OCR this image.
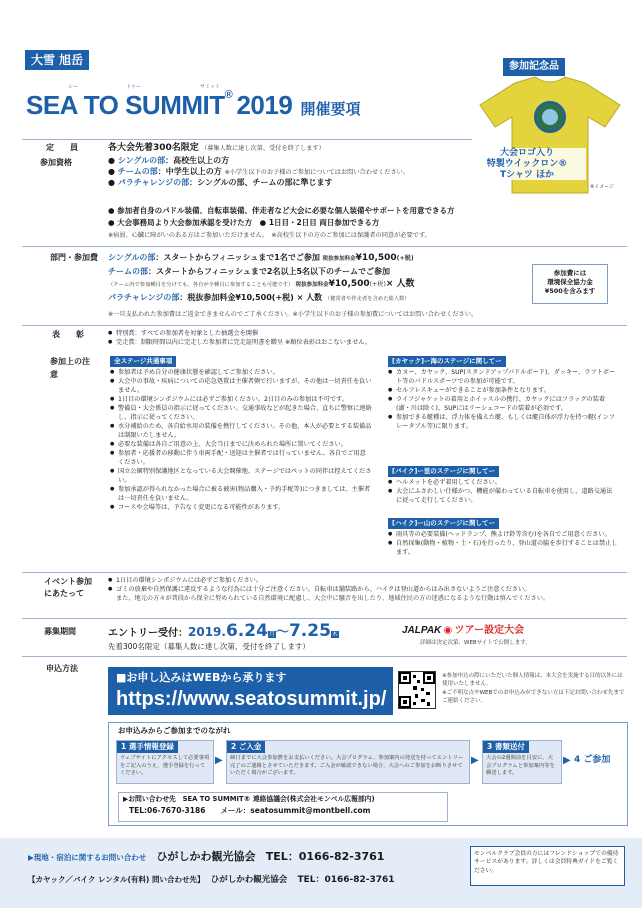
大雪 旭岳
シー	トゥー	サミット
SEA TO SUMMIT® 2019 開催要項
参加記念品
大会ロゴ入り
特製ウイックロン®
Tシャツ ほか
※イメージ
定　　員	各大会先着300名限定 （募集人数に達し次第、受付を終了します）
参加資格	● シングルの部：高校生以上の方
● チームの部：中学生以上の方 ※小学生以下のお子様のご参加についてはお問い合わせください。
● パラチャレンジの部：シングルの部、チームの部に準じます
● 参加者自身のパドル装備、自転車装備、伴走者など大会に必要な個人装備やサポートを用意できる方
● 大会事務局より大会参加承認を受けた方　● 1日目・2日目 両日参加できる方
※病弱、心臓に障がいのある方はご参加いただけません。　※高校生以下の方のご参加には保護者の同意が必要です。
部門・参加費 シングルの部：スタートからフィニッシュまで1名でご参加 税抜参加料金¥10,500(+税)
チームの部：スタートからフィニッシュまで2名以上5名以下のチームでご参加
（チーム内で参加種目を分けても、各自が全種目に参加することも可能です） 税抜参加料金¥10,500(+税)× 人数
パラチャレンジの部：税抜参加料金¥10,500(+税) × 人数 （健常者や伴走者を含めた総人数）
参加費には
環境保全協力金
¥500を含みます
※一旦支払われた参加費はご返金できませんのでご了承ください。※小学生以下のお子様の参加費についてはお問い合わせください。
表　　彰
●	特別賞：すべての参加者を対象とした抽選会を開催
● 完走賞：制限時間以内に完走した参加者に完走証明書を贈呈 ※順位表彰はおこないません。
参加上の注　　意
全ステージ共通事項
● 参加者は予め自分の健康状態を確認してご参加ください。
● 大会中の事故・疾病についての応急処置は主催者側で行いますが、その他は一切責任を負いません。
● 1日目の環境シンポジウムには必ずご参加ください。2日目のみの参加は不可です。
● 警備員・大会係員の指示に従ってください。交通事故などが起きた場合、直ちに警察に連絡し、指示に従ってください。
● 水分補給のため、各自給水用の装備を携行してください。その他、本人が必要とする装備品は制限いたしません。
● 必要な装備は各自ご用意の上、大会当日までに決められた場所に置いてください。
● 参加者・応援者の移動に伴う車両手配・送迎は主催者では行っていません。各自でご用意ください。
● 国立公園特別保護地区となっている大会開催地、ステージではペットの同伴は控えてください。
● 参加承認が得られなかった場合に被る被害(物品購入・予約手配等)につきましては、主催者は一切責任を負いません。
● コースや会場等は、予告なく変更になる可能性があります。
[カヤック]ー海のステージに関してー
● カヌー、カヤック、SUP(スタンドアップパドルボード)、ダッキー、ラフトボート等のパドルスポーツでの参加が可能です。
● セルフレスキューができることが参加条件となります。
● ライフジャケットの着用とホイッスルの携行、カヤックにはフラッグの装着(湖・川は除く)、SUPにはリーシュコードの装着が必須です。
● 参加できる艇種は、浮力体を備えた艇、もしくは艇自体が浮力を持つ艇(インフレータブル等)に限ります。
[バイク]ー里のステージに関してー
● ヘルメットを必ず着用してください。
● 大会にふさわしい仕様かつ、機能が備わっている自転車を使用し、道路交通法に従って走行してください。
[ハイク]ー山のステージに関してー
● 雨具等の必要装備(ヘッドランプ、熊よけ鈴等含む)を各自でご用意ください。
● 自然採集(動物・植物・土・石)を行ったり、登山道の脇を歩行することは禁止します。
イベント参加にあたって
● 1日目の環境シンポジウムには必ずご参加ください。
● ゴミの放棄や自然保護に違反するような行為には十分ご注意ください。自転車は舗装路から、ハイクは登山道からはみ出さないようご注意ください。
また、地元の方々が普段から保全に努められている自然環境に配慮し、大会中に騒音を出したり、地域住民の方の迷惑になるような行動は慎んでください。
募集期間	エントリー受付：2019.6.24月〜7.25木
先着300名限定（募集人数に達し次第、受付を終了します）
JALPAK ◉ ツアー設定大会
詳細は決定次第、WEBサイトで公開します。
申込方法
■お申し込みはWEBから承ります
https://www.seatosummit.jp/
※参加申込の際にいただいた個人情報は、本大会を実施する目的以外には使用いたしません。
※ご不明な点やWEBでのお申込みができない方は下記お問い合わせ先までご連絡ください。
お申込みからご参加までのながれ
1 選手情報登録
ウェブサイトにアクセスして必要事項をご記入のうえ、選手登録を行ってください。
▶
2 ご入金
締日までに大会参加費をお支払いください。大会プログラム、参加案内の発送を持ってエントリー完了のご連絡とさせていただきます。ご入金が確認できない場合、大会へのご参加をお断りさせていただく場合がございます。
▶
3 書類送付
大会の2週間前を目安に、大会プログラムと参加案内等を郵送します。
▶ 4 ご参加
▶お問い合わせ先　SEA TO SUMMIT® 連絡協議会(株式会社モンベル広報部内)
TEL:06-7670-3186　　 メール：seatosummit@montbell.com
▶現地・宿泊に関するお問い合わせ ひがしかわ観光協会 TEL：0166-82-3761
【カヤック／バイク レンタル(有料) 問い合わせ先】 ひがしかわ観光協会 TEL：0166-82-3761
モンベルクラブ会員の方にはフレンドショップでの優待サービスがあります。詳しくは会員特典ガイドをご覧ください。
